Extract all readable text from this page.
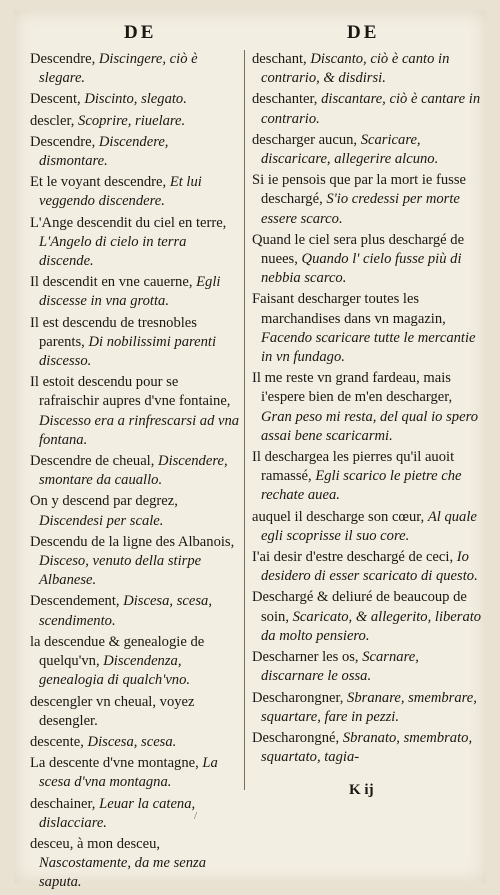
DE	DE
Descendre, Discingere, ciò è slegare.
Descent, Discinto, slegato.
descler, Scoprire, riuelare.
Descendre, Discendere, dismontare.
Et le voyant descendre, Et lui veggendo discendere.
L'Ange descendit du ciel en terre, L'Angelo di cielo in terra discende.
Il descendit en vne cauerne, Egli discesse in vna grotta.
Il est descendu de tresnobles parents, Di nobilissimi parenti discesso.
Il estoit descendu pour se rafraischir aupres d'vne fontaine, Discesso era a rinfrescarsi ad vna fontana.
Descendre de cheual, Discendere, smontare da cauallo.
On y descend par degrez, Discendesi per scale.
Descendu de la ligne des Albanois, Disceso, venuto della stirpe Albanese.
Descendement, Discesa, scesa, scendimento.
la descendue & genealogie de quelqu'vn, Discendenza, genealogia di qualch'vno.
descengler vn cheual, voyez desengler.
descente, Discesa, scesa.
La descente d'vne montagne, La scesa d'vna montagna.
deschainer, Leuar la catena, dislacciare.
desceu, à mon desceu, Nascostamente, da me senza saputa.
deschant, Discanto, ciò è canto in contrario, & disdirsi.
deschanter, discantare, ciò è cantare in contrario.
descharger aucun, Scaricare, discaricare, allegerire alcuno.
Si ie pensois que par la mort ie fusse deschargé, S'io credessi per morte essere scarco.
Quand le ciel sera plus deschargé de nuees, Quando l' cielo fusse più di nebbia scarco.
Faisant descharger toutes les marchandises dans vn magazin, Facendo scaricare tutte le mercantie in vn fundago.
Il me reste vn grand fardeau, mais i'espere bien de m'en descharger, Gran peso mi resta, del qual io spero assai bene scaricarmi.
Il deschargea les pierres qu'il auoit ramassé, Egli scarico le pietre che rechate auea.
auquel il descharge son cœur, Al quale egli scoprisse il suo core.
I'ai desir d'estre deschargé de ceci, Io desidero di esser scaricato di questo.
Deschargé & deliuré de beaucoup de soin, Scaricato, & allegerito, liberato da molto pensiero.
Descharner les os, Scarnare, discarnare le ossa.
Descharongner, Sbranare, smembrare, squartare, fare in pezzi.
Descharongné, Sbranato, smembrato, squartato, tagia-
K ij
/
